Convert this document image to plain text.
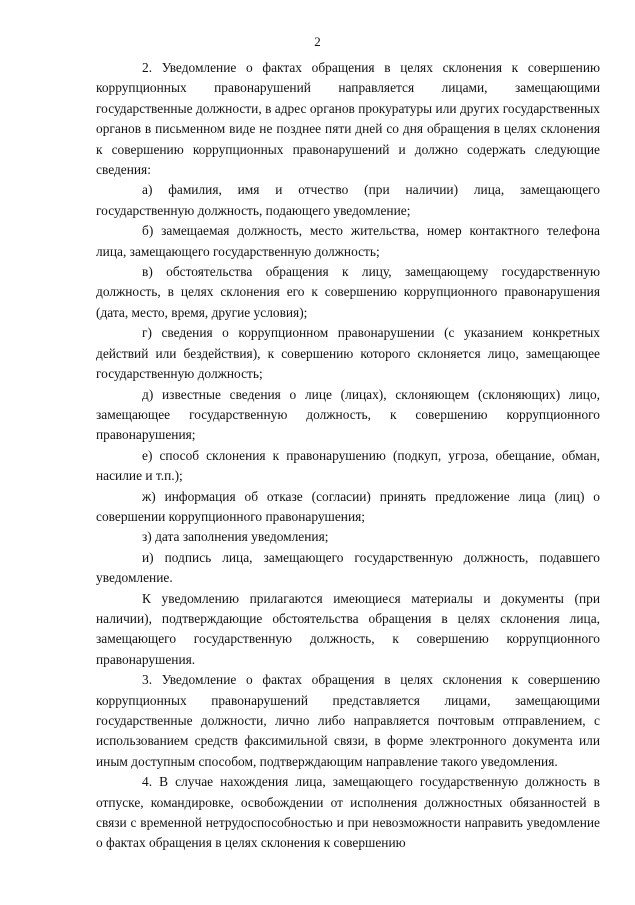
2

2. Уведомление о фактах обращения в целях склонения к совершению коррупционных правонарушений направляется лицами, замещающими государственные должности, в адрес органов прокуратуры или других государственных органов в письменном виде не позднее пяти дней со дня обращения в целях склонения к совершению коррупционных правонарушений и должно содержать следующие сведения:

а) фамилия, имя и отчество (при наличии) лица, замещающего государственную должность, подающего уведомление;

б) замещаемая должность, место жительства, номер контактного телефона лица, замещающего государственную должность;

в) обстоятельства обращения к лицу, замещающему государственную должность, в целях склонения его к совершению коррупционного правонарушения (дата, место, время, другие условия);

г) сведения о коррупционном правонарушении (с указанием конкретных действий или бездействия), к совершению которого склоняется лицо, замещающее государственную должность;

д) известные сведения о лице (лицах), склоняющем (склоняющих) лицо, замещающее государственную должность, к совершению коррупционного правонарушения;

е) способ склонения к правонарушению (подкуп, угроза, обещание, обман, насилие и т.п.);

ж) информация об отказе (согласии) принять предложение лица (лиц) о совершении коррупционного правонарушения;

з) дата заполнения уведомления;

и) подпись лица, замещающего государственную должность, подавшего уведомление.

К уведомлению прилагаются имеющиеся материалы и документы (при наличии), подтверждающие обстоятельства обращения в целях склонения лица, замещающего государственную должность, к совершению коррупционного правонарушения.

3. Уведомление о фактах обращения в целях склонения к совершению коррупционных правонарушений представляется лицами, замещающими государственные должности, лично либо направляется почтовым отправлением, с использованием средств факсимильной связи, в форме электронного документа или иным доступным способом, подтверждающим направление такого уведомления.

4. В случае нахождения лица, замещающего государственную должность в отпуске, командировке, освобождении от исполнения должностных обязанностей в связи с временной нетрудоспособностью и при невозможности направить уведомление о фактах обращения в целях склонения к совершению
